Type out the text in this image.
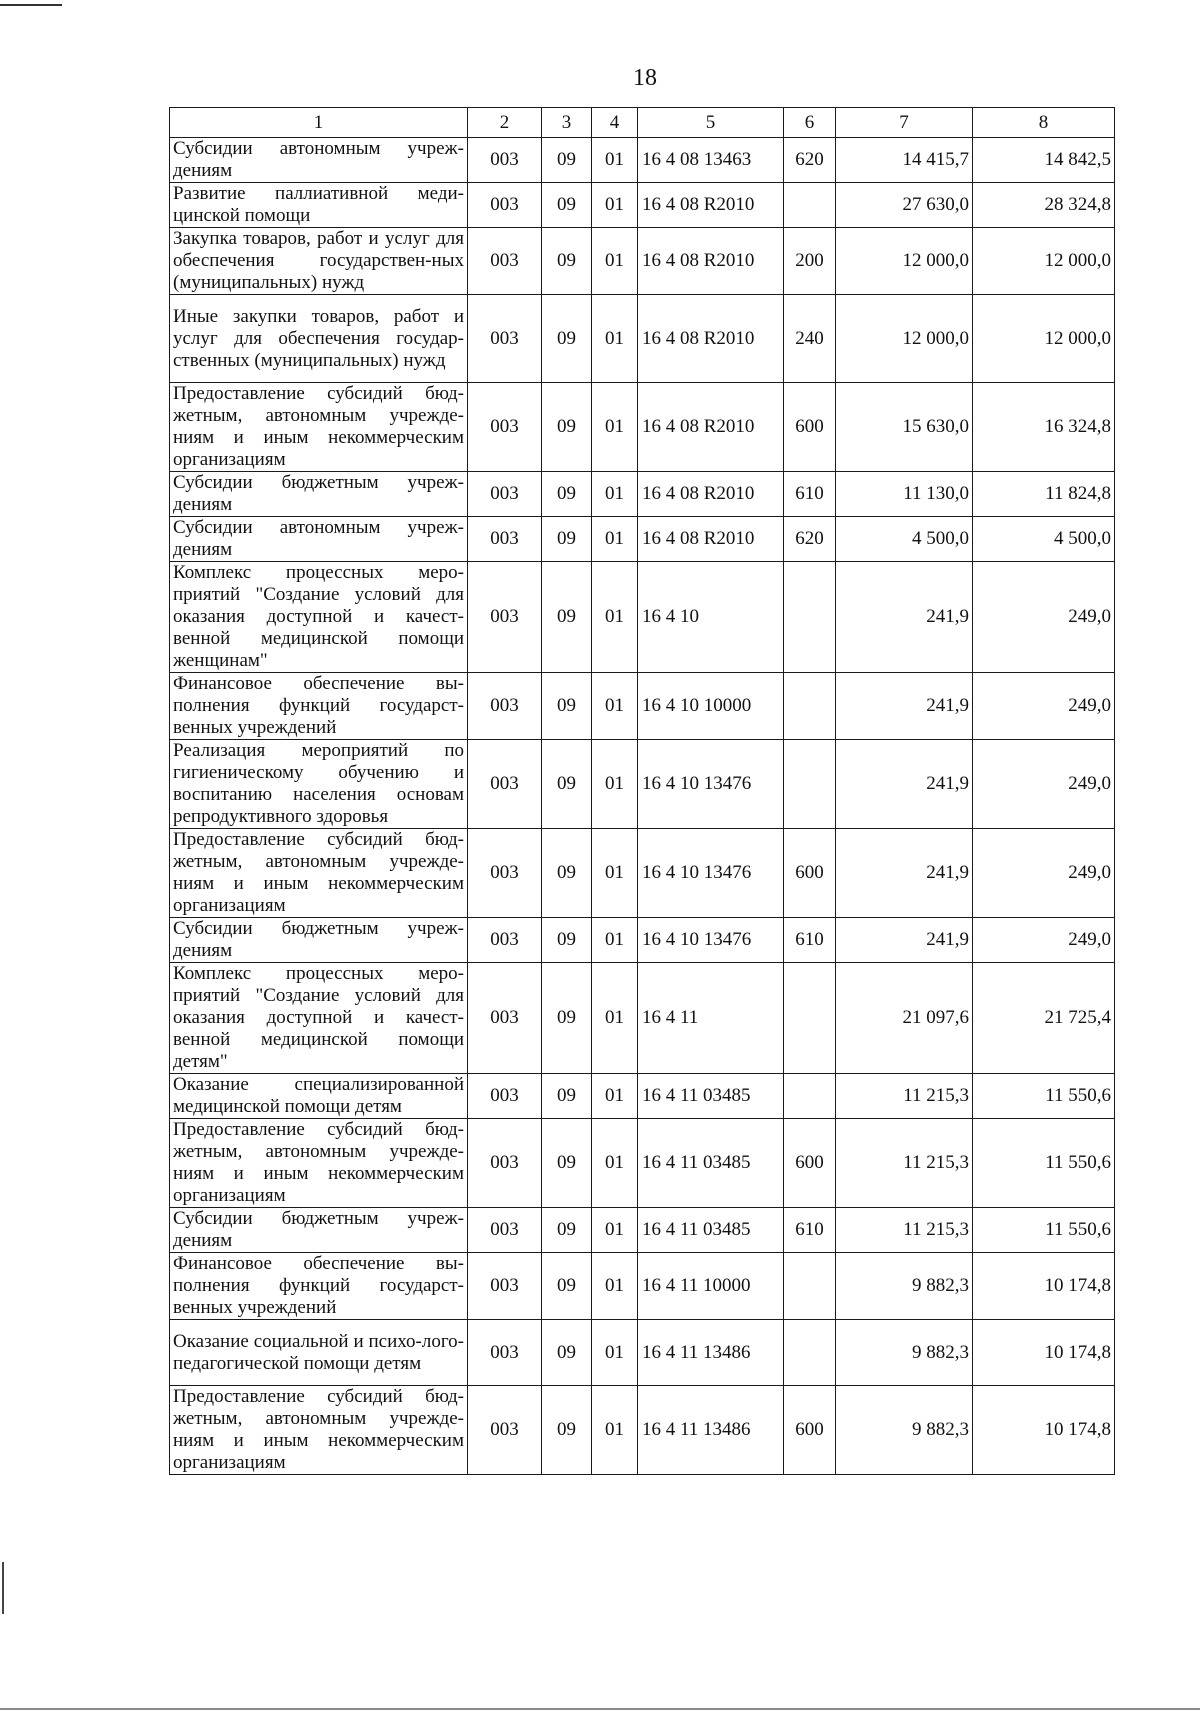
18
1	2	3	4	5	6	7	8
Субсидии автономным учреж-дениям	003	09	01	16 4 08 13463	620	14 415,7	14 842,5
Развитие паллиативной меди-цинской помощи	003	09	01	16 4 08 R2010		27 630,0	28 324,8
Закупка товаров, работ и услуг для обеспечения государствен-ных (муниципальных) нужд	003	09	01	16 4 08 R2010	200	12 000,0	12 000,0
Иные закупки товаров, работ и услуг для обеспечения государ-ственных (муниципальных) нужд	003	09	01	16 4 08 R2010	240	12 000,0	12 000,0
Предоставление субсидий бюд-жетным, автономным учрежде-ниям и иным некоммерческим организациям	003	09	01	16 4 08 R2010	600	15 630,0	16 324,8
Субсидии бюджетным учреж-дениям	003	09	01	16 4 08 R2010	610	11 130,0	11 824,8
Субсидии автономным учреж-дениям	003	09	01	16 4 08 R2010	620	4 500,0	4 500,0
Комплекс процессных меро-приятий "Создание условий для оказания доступной и качест-венной медицинской помощи женщинам"	003	09	01	16 4 10		241,9	249,0
Финансовое обеспечение вы-полнения функций государст-венных учреждений	003	09	01	16 4 10 10000		241,9	249,0
Реализация мероприятий по гигиеническому обучению и воспитанию населения основам репродуктивного здоровья	003	09	01	16 4 10 13476		241,9	249,0
Предоставление субсидий бюд-жетным, автономным учрежде-ниям и иным некоммерческим организациям	003	09	01	16 4 10 13476	600	241,9	249,0
Субсидии бюджетным учреж-дениям	003	09	01	16 4 10 13476	610	241,9	249,0
Комплекс процессных меро-приятий "Создание условий для оказания доступной и качест-венной медицинской помощи детям"	003	09	01	16 4 11		21 097,6	21 725,4
Оказание специализированной медицинской помощи детям	003	09	01	16 4 11 03485		11 215,3	11 550,6
Предоставление субсидий бюд-жетным, автономным учрежде-ниям и иным некоммерческим организациям	003	09	01	16 4 11 03485	600	11 215,3	11 550,6
Субсидии бюджетным учреж-дениям	003	09	01	16 4 11 03485	610	11 215,3	11 550,6
Финансовое обеспечение вы-полнения функций государст-венных учреждений	003	09	01	16 4 11 10000		9 882,3	10 174,8
Оказание социальной и психо-лого-педагогической помощи детям	003	09	01	16 4 11 13486		9 882,3	10 174,8
Предоставление субсидий бюд-жетным, автономным учрежде-ниям и иным некоммерческим организациям	003	09	01	16 4 11 13486	600	9 882,3	10 174,8
